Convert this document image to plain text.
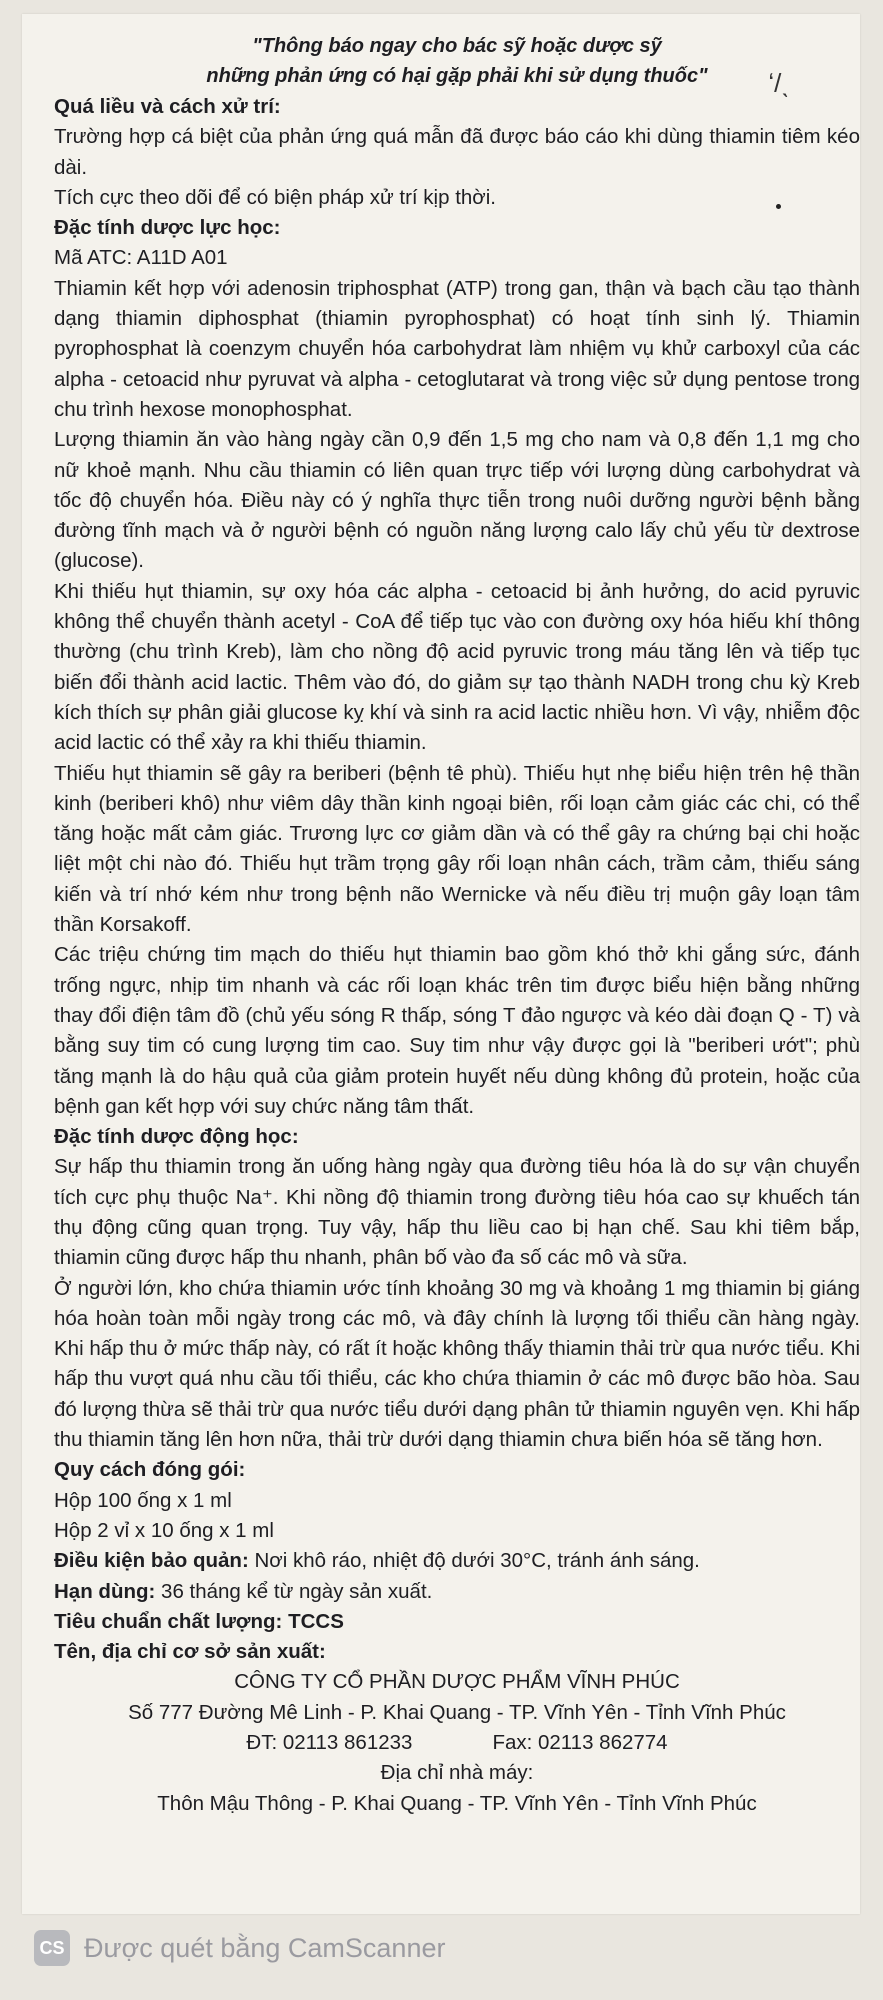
ʻ/ˎ

"Thông báo ngay cho bác sỹ hoặc dược sỹ

những phản ứng có hại gặp phải khi sử dụng thuốc"

Quá liều và cách xử trí:

Trường hợp cá biệt của phản ứng quá mẫn đã được báo cáo khi dùng thiamin tiêm kéo dài.

Tích cực theo dõi để có biện pháp xử trí kịp thời.

Đặc tính dược lực học:

Mã ATC: A11D A01

Thiamin kết hợp với adenosin triphosphat (ATP) trong gan, thận và bạch cầu tạo thành dạng thiamin diphosphat (thiamin pyrophosphat) có hoạt tính sinh lý. Thiamin pyrophosphat là coenzym chuyển hóa carbohydrat làm nhiệm vụ khử carboxyl của các alpha - cetoacid như pyruvat và alpha - cetoglutarat và trong việc sử dụng pentose trong chu trình hexose monophosphat.

Lượng thiamin ăn vào hàng ngày cần 0,9 đến 1,5 mg cho nam và 0,8 đến 1,1 mg cho nữ khoẻ mạnh. Nhu cầu thiamin có liên quan trực tiếp với lượng dùng carbohydrat và tốc độ chuyển hóa. Điều này có ý nghĩa thực tiễn trong nuôi dưỡng người bệnh bằng đường tĩnh mạch và ở người bệnh có nguồn năng lượng calo lấy chủ yếu từ dextrose (glucose).

Khi thiếu hụt thiamin, sự oxy hóa các alpha - cetoacid bị ảnh hưởng, do acid pyruvic không thể chuyển thành acetyl - CoA để tiếp tục vào con đường oxy hóa hiếu khí thông thường (chu trình Kreb), làm cho nồng độ acid pyruvic trong máu tăng lên và tiếp tục biến đổi thành acid lactic. Thêm vào đó, do giảm sự tạo thành NADH trong chu kỳ Kreb kích thích sự phân giải glucose kỵ khí và sinh ra acid lactic nhiều hơn. Vì vậy, nhiễm độc acid lactic có thể xảy ra khi thiếu thiamin.

Thiếu hụt thiamin sẽ gây ra beriberi (bệnh tê phù). Thiếu hụt nhẹ biểu hiện trên hệ thần kinh (beriberi khô) như viêm dây thần kinh ngoại biên, rối loạn cảm giác các chi, có thể tăng hoặc mất cảm giác. Trương lực cơ giảm dần và có thể gây ra chứng bại chi hoặc liệt một chi nào đó. Thiếu hụt trầm trọng gây rối loạn nhân cách, trầm cảm, thiếu sáng kiến và trí nhớ kém như trong bệnh não Wernicke và nếu điều trị muộn gây loạn tâm thần Korsakoff.

Các triệu chứng tim mạch do thiếu hụt thiamin bao gồm khó thở khi gắng sức, đánh trống ngực, nhịp tim nhanh và các rối loạn khác trên tim được biểu hiện bằng những thay đổi điện tâm đồ (chủ yếu sóng R thấp, sóng T đảo ngược và kéo dài đoạn Q - T) và bằng suy tim có cung lượng tim cao. Suy tim như vậy được gọi là "beriberi ướt"; phù tăng mạnh là do hậu quả của giảm protein huyết nếu dùng không đủ protein, hoặc của bệnh gan kết hợp với suy chức năng tâm thất.

Đặc tính dược động học:

Sự hấp thu thiamin trong ăn uống hàng ngày qua đường tiêu hóa là do sự vận chuyển tích cực phụ thuộc Na⁺. Khi nồng độ thiamin trong đường tiêu hóa cao sự khuếch tán thụ động cũng quan trọng. Tuy vậy, hấp thu liều cao bị hạn chế. Sau khi tiêm bắp, thiamin cũng được hấp thu nhanh, phân bố vào đa số các mô và sữa.

Ở người lớn, kho chứa thiamin ước tính khoảng 30 mg và khoảng 1 mg thiamin bị giáng hóa hoàn toàn mỗi ngày trong các mô, và đây chính là lượng tối thiểu cần hàng ngày. Khi hấp thu ở mức thấp này, có rất ít hoặc không thấy thiamin thải trừ qua nước tiểu. Khi hấp thu vượt quá nhu cầu tối thiểu, các kho chứa thiamin ở các mô được bão hòa. Sau đó lượng thừa sẽ thải trừ qua nước tiểu dưới dạng phân tử thiamin nguyên vẹn. Khi hấp thu thiamin tăng lên hơn nữa, thải trừ dưới dạng thiamin chưa biến hóa sẽ tăng hơn.

Quy cách đóng gói:

Hộp 100 ống x 1 ml

Hộp 2 vỉ x 10 ống x 1 ml

Điều kiện bảo quản: Nơi khô ráo, nhiệt độ dưới 30°C, tránh ánh sáng.

Hạn dùng: 36 tháng kể từ ngày sản xuất.

Tiêu chuẩn chất lượng: TCCS

Tên, địa chỉ cơ sở sản xuất:

CÔNG TY CỔ PHẦN DƯỢC PHẨM VĨNH PHÚC

Số 777 Đường Mê Linh - P. Khai Quang - TP. Vĩnh Yên - Tỉnh Vĩnh Phúc

ĐT: 02113 861233	Fax: 02113 862774

Địa chỉ nhà máy:

Thôn Mậu Thông - P. Khai Quang - TP. Vĩnh Yên - Tỉnh Vĩnh Phúc

CS Được quét bằng CamScanner
